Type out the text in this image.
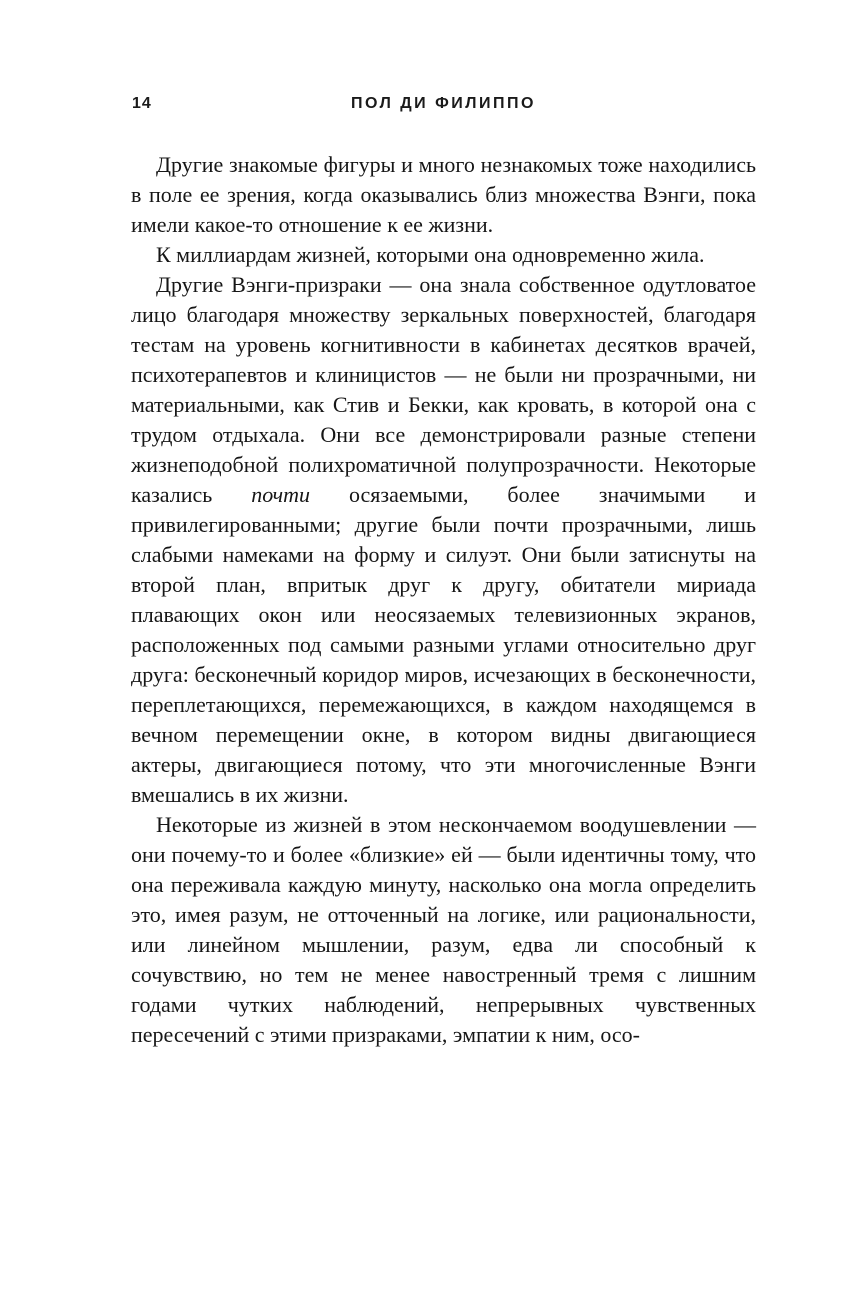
14	ПОЛ ДИ ФИЛИППО

Другие знакомые фигуры и много незнакомых тоже находились в поле ее зрения, когда оказывались близ множества Вэнги, пока имели какое-то отношение к ее жизни.

К миллиардам жизней, которыми она одновременно жила.

Другие Вэнги-призраки — она знала собственное одутловатое лицо благодаря множеству зеркальных поверхностей, благодаря тестам на уровень когнитивности в кабинетах десятков врачей, психотерапевтов и клиницистов — не были ни прозрачными, ни материальными, как Стив и Бекки, как кровать, в которой она с трудом отдыхала. Они все демонстрировали разные степени жизнеподобной полихроматичной полупрозрачности. Некоторые казались почти осязаемыми, более значимыми и привилегированными; другие были почти прозрачными, лишь слабыми намеками на форму и силуэт. Они были затиснуты на второй план, впритык друг к другу, обитатели мириада плавающих окон или неосязаемых телевизионных экранов, расположенных под самыми разными углами относительно друг друга: бесконечный коридор миров, исчезающих в бесконечности, переплетающихся, перемежающихся, в каждом находящемся в вечном перемещении окне, в котором видны двигающиеся актеры, двигающиеся потому, что эти многочисленные Вэнги вмешались в их жизни.

Некоторые из жизней в этом нескончаемом воодушевлении — они почему-то и более «близкие» ей — были идентичны тому, что она переживала каждую минуту, насколько она могла определить это, имея разум, не отточенный на логике, или рациональности, или линейном мышлении, разум, едва ли способный к сочувствию, но тем не менее навостренный тремя с лишним годами чутких наблюдений, непрерывных чувственных пересечений с этими призраками, эмпатии к ним, осо-
